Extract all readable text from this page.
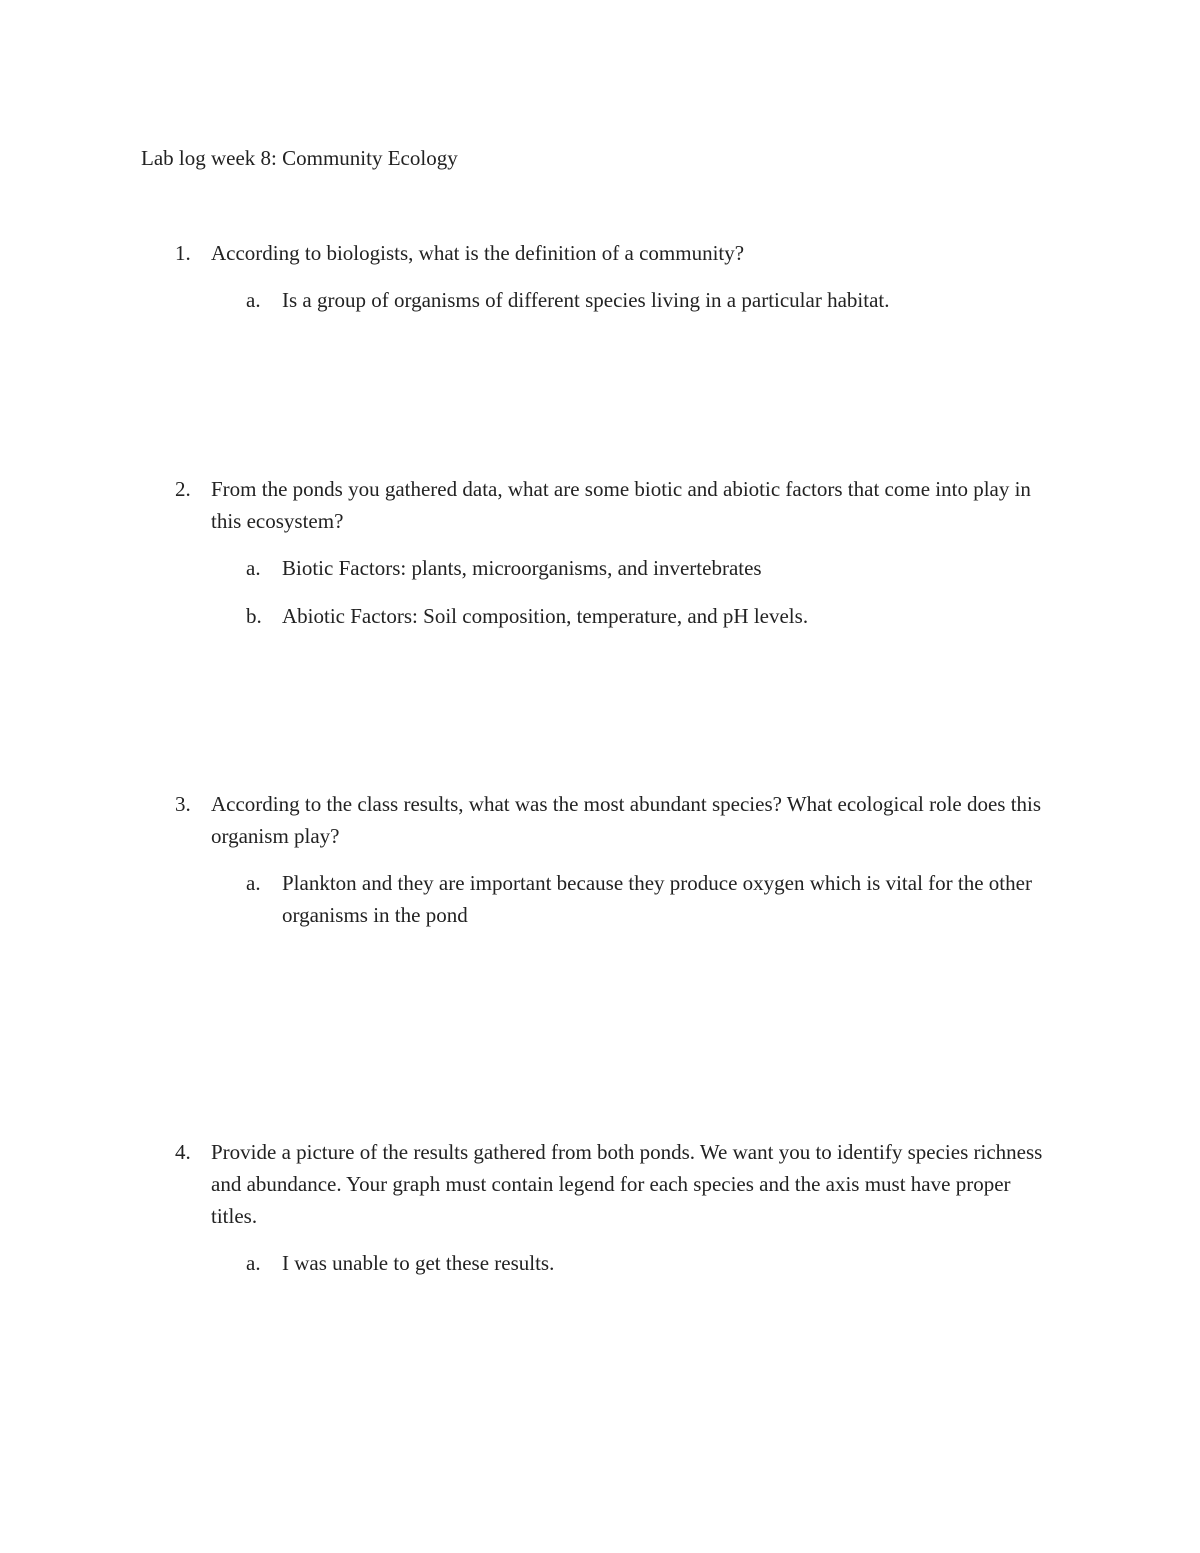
Lab log week 8: Community Ecology
1. According to biologists, what is the definition of a community?
a.	Is a group of organisms of different species living in a particular habitat.
2. From the ponds you gathered data, what are some biotic and abiotic factors that come into play in this ecosystem?
a.	Biotic Factors: plants, microorganisms, and invertebrates
b. Abiotic Factors: Soil composition, temperature, and pH levels.
3. According to the class results, what was the most abundant species? What ecological role does this organism play?
a.	Plankton and they are important because they produce oxygen which is vital for the other organisms in the pond
4. Provide a picture of the results gathered from both ponds. We want you to identify species richness and abundance. Your graph must contain legend for each species and the axis must have proper titles.
a.	I was unable to get these results.
